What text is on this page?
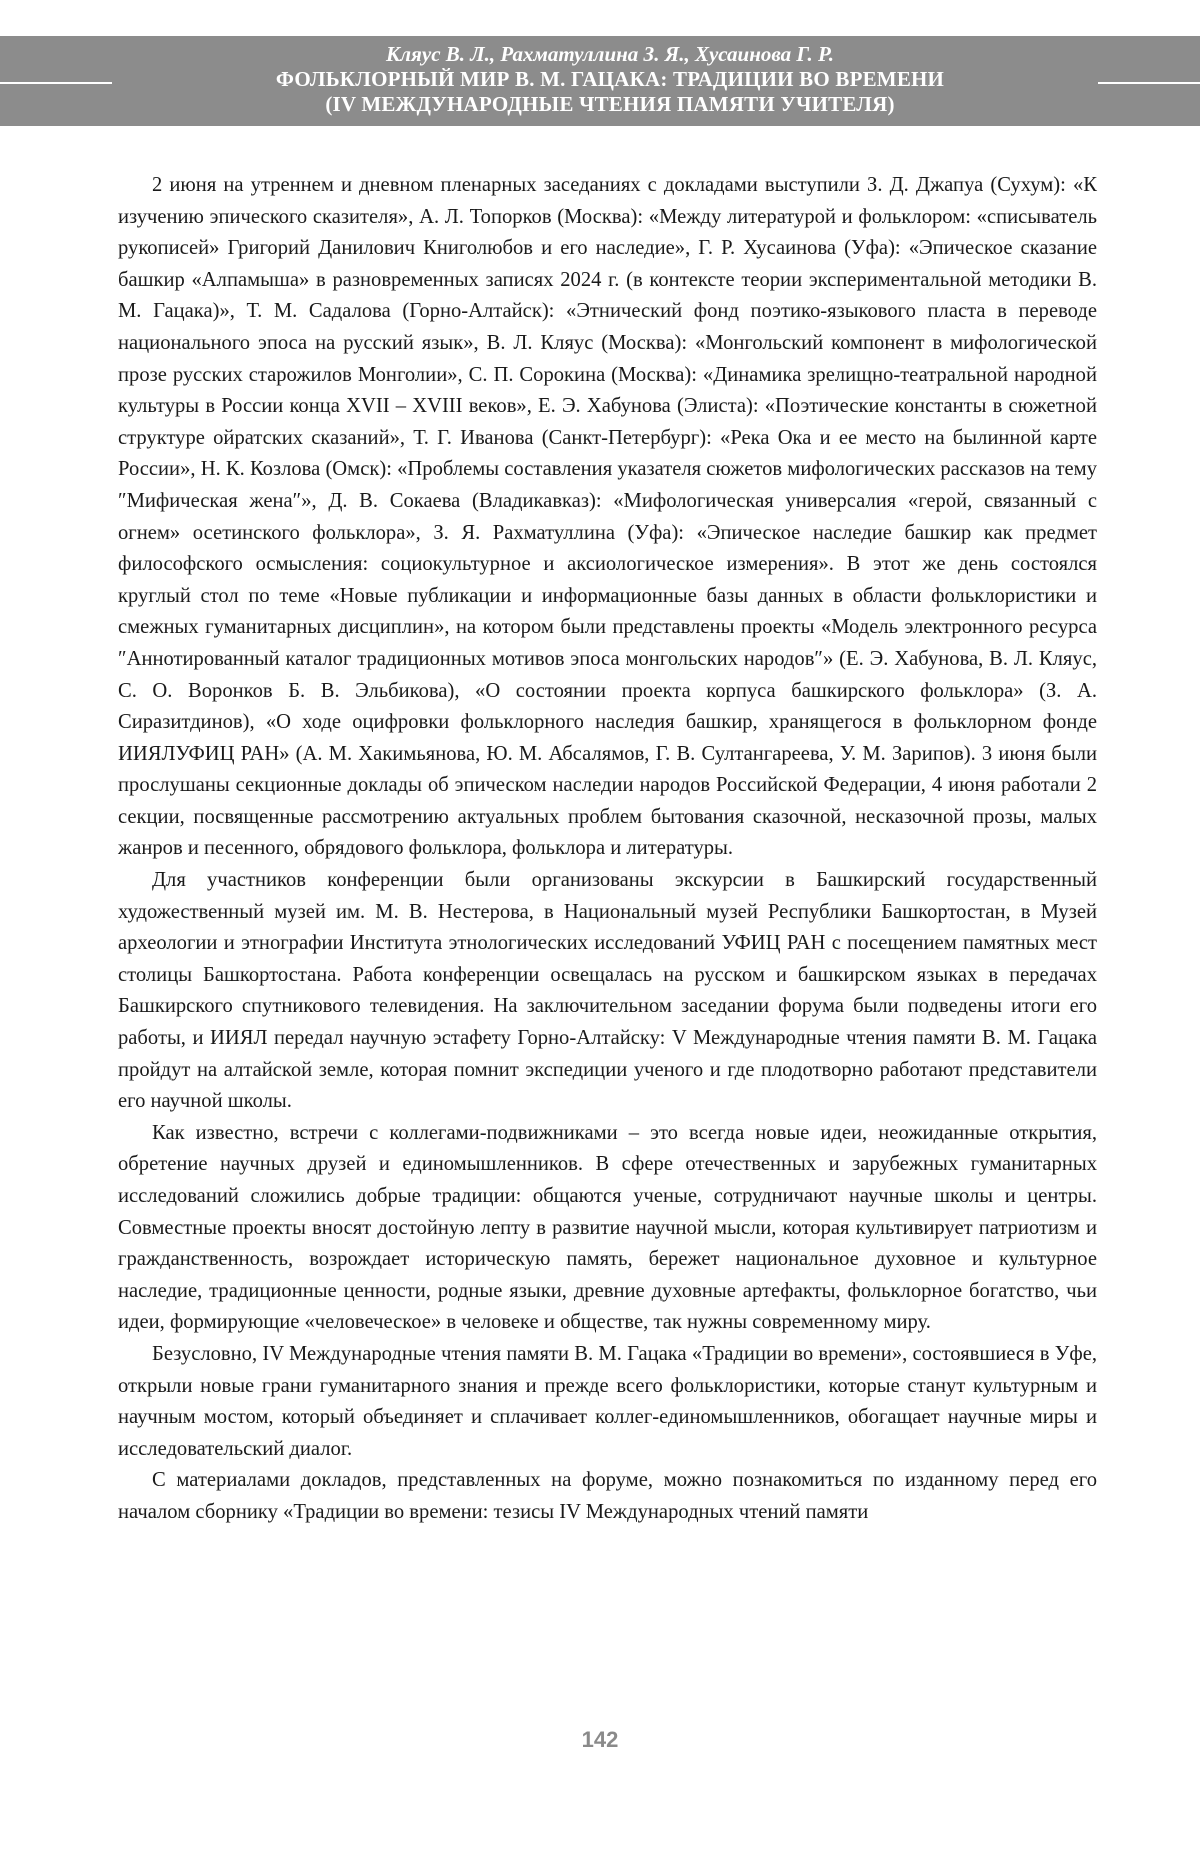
Кляус В. Л., Рахматуллина З. Я., Хусаинова Г. Р.
ФОЛЬКЛОРНЫЙ МИР В. М. ГАЦАКА: ТРАДИЦИИ ВО ВРЕМЕНИ
(IV МЕЖДУНАРОДНЫЕ ЧТЕНИЯ ПАМЯТИ УЧИТЕЛЯ)

2 июня на утреннем и дневном пленарных заседаниях с докладами выступили З. Д. Джапуа (Сухум): «К изучению эпического сказителя», А. Л. Топорков (Москва): «Между литературой и фольклором: «списыватель рукописей» Григорий Данилович Книголюбов и его наследие», Г. Р. Хусаинова (Уфа): «Эпическое сказание башкир «Алпамыша» в разновременных записях 2024 г. (в контексте теории экспериментальной методики В. М. Гацака)», Т. М. Садалова (Горно-Алтайск): «Этнический фонд поэтико-языкового пласта в переводе национального эпоса на русский язык», В. Л. Кляус (Москва): «Монгольский компонент в мифологической прозе русских старожилов Монголии», С. П. Сорокина (Москва): «Динамика зрелищно-театральной народной культуры в России конца XVII – XVIII веков», Е. Э. Хабунова (Элиста): «Поэтические константы в сюжетной структуре ойратских сказаний», Т. Г. Иванова (Санкт-Петербург): «Река Ока и ее место на былинной карте России», Н. К. Козлова (Омск): «Проблемы составления указателя сюжетов мифологических рассказов на тему ″Мифическая жена″», Д. В. Сокаева (Владикавказ): «Мифологическая универсалия «герой, связанный с огнем» осетинского фольклора», З. Я. Рахматуллина (Уфа): «Эпическое наследие башкир как предмет философского осмысления: социокультурное и аксиологическое измерения». В этот же день состоялся круглый стол по теме «Новые публикации и информационные базы данных в области фольклористики и смежных гуманитарных дисциплин», на котором были представлены проекты «Модель электронного ресурса ″Аннотированный каталог традиционных мотивов эпоса монгольских народов″» (Е. Э. Хабунова, В. Л. Кляус, С. О. Воронков Б. В. Эльбикова), «О состоянии проекта корпуса башкирского фольклора» (З. А. Сиразитдинов), «О ходе оцифровки фольклорного наследия башкир, хранящегося в фольклорном фонде ИИЯЛУФИЦ РАН» (А. М. Хакимьянова, Ю. М. Абсалямов, Г. В. Султангареева, У. М. Зарипов). 3 июня были прослушаны секционные доклады об эпическом наследии народов Российской Федерации, 4 июня работали 2 секции, посвященные рассмотрению актуальных проблем бытования сказочной, несказочной прозы, малых жанров и песенного, обрядового фольклора, фольклора и литературы.

Для участников конференции были организованы экскурсии в Башкирский государственный художественный музей им. М. В. Нестерова, в Национальный музей Республики Башкортостан, в Музей археологии и этнографии Института этнологических исследований УФИЦ РАН с посещением памятных мест столицы Башкортостана. Работа конференции освещалась на русском и башкирском языках в передачах Башкирского спутникового телевидения. На заключительном заседании форума были подведены итоги его работы, и ИИЯЛ передал научную эстафету Горно-Алтайску: V Международные чтения памяти В. М. Гацака пройдут на алтайской земле, которая помнит экспедиции ученого и где плодотворно работают представители его научной школы.

Как известно, встречи с коллегами-подвижниками – это всегда новые идеи, неожиданные открытия, обретение научных друзей и единомышленников. В сфере отечественных и зарубежных гуманитарных исследований сложились добрые традиции: общаются ученые, сотрудничают научные школы и центры. Совместные проекты вносят достойную лепту в развитие научной мысли, которая культивирует патриотизм и гражданственность, возрождает историческую память, бережет национальное духовное и культурное наследие, традиционные ценности, родные языки, древние духовные артефакты, фольклорное богатство, чьи идеи, формирующие «человеческое» в человеке и обществе, так нужны современному миру.

Безусловно, IV Международные чтения памяти В. М. Гацака «Традиции во времени», состоявшиеся в Уфе, открыли новые грани гуманитарного знания и прежде всего фольклористики, которые станут культурным и научным мостом, который объединяет и сплачивает коллег-единомышленников, обогащает научные миры и исследовательский диалог.

С материалами докладов, представленных на форуме, можно познакомиться по изданному перед его началом сборнику «Традиции во времени: тезисы IV Международных чтений памяти

142
